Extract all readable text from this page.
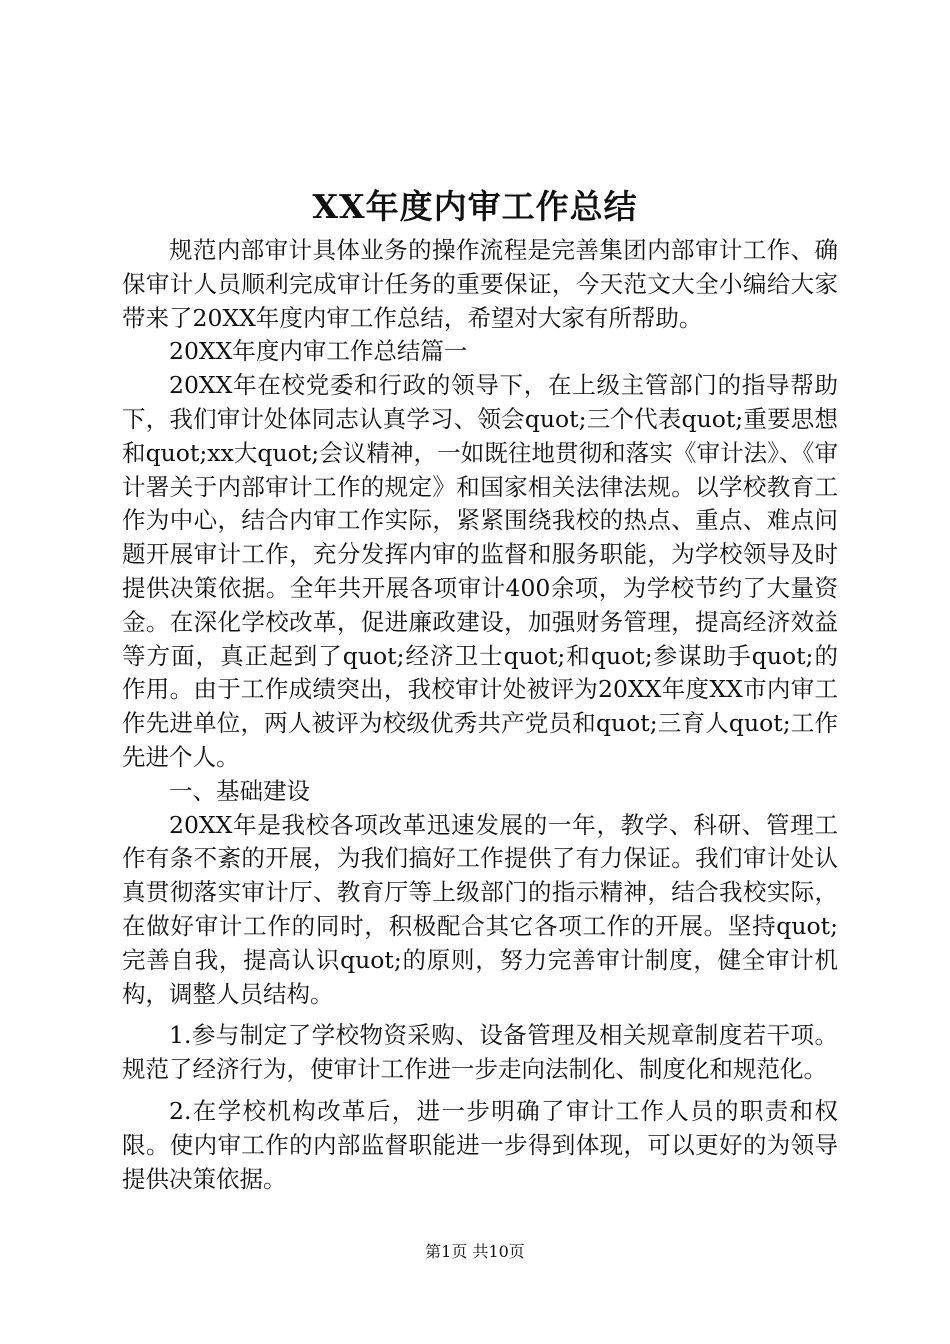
XX年度内审工作总结

规范内部审计具体业务的操作流程是完善集团内部审计工作、确保审计人员顺利完成审计任务的重要保证，今天范文大全小编给大家带来了20XX年度内审工作总结，希望对大家有所帮助。

20XX年度内审工作总结篇一

20XX年在校党委和行政的领导下，在上级主管部门的指导帮助下，我们审计处体同志认真学习、领会quot;三个代表quot;重要思想和quot;xx大quot;会议精神，一如既往地贯彻和落实《审计法》、《审计署关于内部审计工作的规定》和国家相关法律法规。以学校教育工作为中心，结合内审工作实际，紧紧围绕我校的热点、重点、难点问题开展审计工作，充分发挥内审的监督和服务职能，为学校领导及时提供决策依据。全年共开展各项审计400余项，为学校节约了大量资金。在深化学校改革，促进廉政建设，加强财务管理，提高经济效益等方面，真正起到了quot;经济卫士quot;和quot;参谋助手quot;的作用。由于工作成绩突出，我校审计处被评为20XX年度XX市内审工作先进单位，两人被评为校级优秀共产党员和quot;三育人quot;工作先进个人。

一、基础建设

20XX年是我校各项改革迅速发展的一年，教学、科研、管理工作有条不紊的开展，为我们搞好工作提供了有力保证。我们审计处认真贯彻落实审计厅、教育厅等上级部门的指示精神，结合我校实际，在做好审计工作的同时，积极配合其它各项工作的开展。坚持quot;完善自我，提高认识quot;的原则，努力完善审计制度，健全审计机构，调整人员结构。

1.参与制定了学校物资采购、设备管理及相关规章制度若干项。规范了经济行为，使审计工作进一步走向法制化、制度化和规范化。

2.在学校机构改革后，进一步明确了审计工作人员的职责和权限。使内审工作的内部监督职能进一步得到体现，可以更好的为领导提供决策依据。

第1页 共10页
